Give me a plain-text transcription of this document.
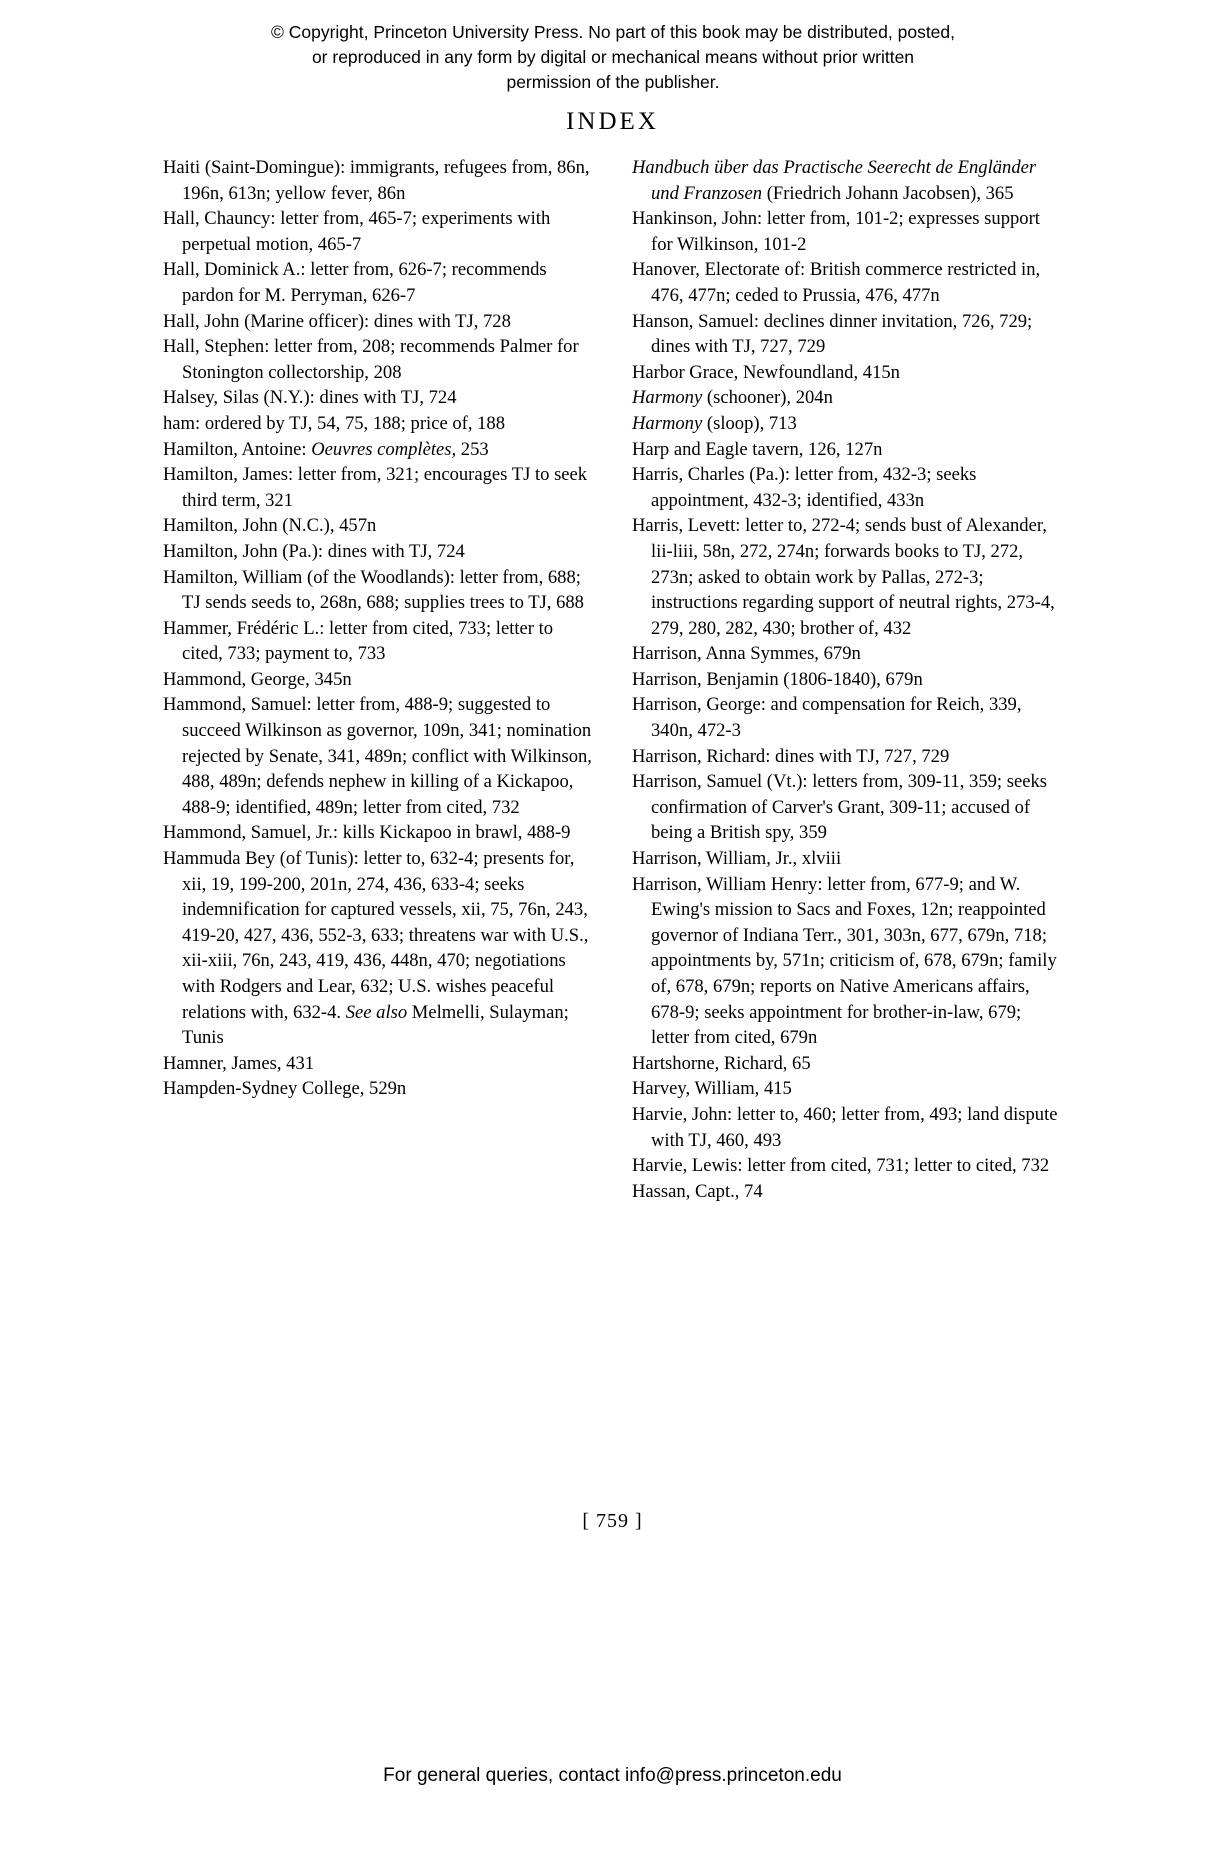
© Copyright, Princeton University Press. No part of this book may be distributed, posted, or reproduced in any form by digital or mechanical means without prior written permission of the publisher.
INDEX

Haiti (Saint-Domingue): immigrants, refugees from, 86n, 196n, 613n; yellow fever, 86n

Hall, Chauncy: letter from, 465-7; experiments with perpetual motion, 465-7

Hall, Dominick A.: letter from, 626-7; recommends pardon for M. Perryman, 626-7

Hall, John (Marine officer): dines with TJ, 728

Hall, Stephen: letter from, 208; recommends Palmer for Stonington collectorship, 208

Halsey, Silas (N.Y.): dines with TJ, 724

ham: ordered by TJ, 54, 75, 188; price of, 188

Hamilton, Antoine: Oeuvres complètes, 253

Hamilton, James: letter from, 321; encourages TJ to seek third term, 321

Hamilton, John (N.C.), 457n

Hamilton, John (Pa.): dines with TJ, 724

Hamilton, William (of the Woodlands): letter from, 688; TJ sends seeds to, 268n, 688; supplies trees to TJ, 688

Hammer, Frédéric L.: letter from cited, 733; letter to cited, 733; payment to, 733

Hammond, George, 345n

Hammond, Samuel: letter from, 488-9; suggested to succeed Wilkinson as governor, 109n, 341; nomination rejected by Senate, 341, 489n; conflict with Wilkinson, 488, 489n; defends nephew in killing of a Kickapoo, 488-9; identified, 489n; letter from cited, 732

Hammond, Samuel, Jr.: kills Kickapoo in brawl, 488-9

Hammuda Bey (of Tunis): letter to, 632-4; presents for, xii, 19, 199-200, 201n, 274, 436, 633-4; seeks indemnification for captured vessels, xii, 75, 76n, 243, 419-20, 427, 436, 552-3, 633; threatens war with U.S., xii-xiii, 76n, 243, 419, 436, 448n, 470; negotiations with Rodgers and Lear, 632; U.S. wishes peaceful relations with, 632-4. See also Melmelli, Sulayman; Tunis

Hamner, James, 431

Hampden-Sydney College, 529n

Handbuch über das Practische Seerecht de Engländer und Franzosen (Friedrich Johann Jacobsen), 365

Hankinson, John: letter from, 101-2; expresses support for Wilkinson, 101-2

Hanover, Electorate of: British commerce restricted in, 476, 477n; ceded to Prussia, 476, 477n

Hanson, Samuel: declines dinner invitation, 726, 729; dines with TJ, 727, 729

Harbor Grace, Newfoundland, 415n

Harmony (schooner), 204n

Harmony (sloop), 713

Harp and Eagle tavern, 126, 127n

Harris, Charles (Pa.): letter from, 432-3; seeks appointment, 432-3; identified, 433n

Harris, Levett: letter to, 272-4; sends bust of Alexander, lii-liii, 58n, 272, 274n; forwards books to TJ, 272, 273n; asked to obtain work by Pallas, 272-3; instructions regarding support of neutral rights, 273-4, 279, 280, 282, 430; brother of, 432

Harrison, Anna Symmes, 679n

Harrison, Benjamin (1806-1840), 679n

Harrison, George: and compensation for Reich, 339, 340n, 472-3

Harrison, Richard: dines with TJ, 727, 729

Harrison, Samuel (Vt.): letters from, 309-11, 359; seeks confirmation of Carver's Grant, 309-11; accused of being a British spy, 359

Harrison, William, Jr., xlviii

Harrison, William Henry: letter from, 677-9; and W. Ewing's mission to Sacs and Foxes, 12n; reappointed governor of Indiana Terr., 301, 303n, 677, 679n, 718; appointments by, 571n; criticism of, 678, 679n; family of, 678, 679n; reports on Native Americans affairs, 678-9; seeks appointment for brother-in-law, 679; letter from cited, 679n

Hartshorne, Richard, 65

Harvey, William, 415

Harvie, John: letter to, 460; letter from, 493; land dispute with TJ, 460, 493

Harvie, Lewis: letter from cited, 731; letter to cited, 732

Hassan, Capt., 74

[ 759 ]
For general queries, contact info@press.princeton.edu
